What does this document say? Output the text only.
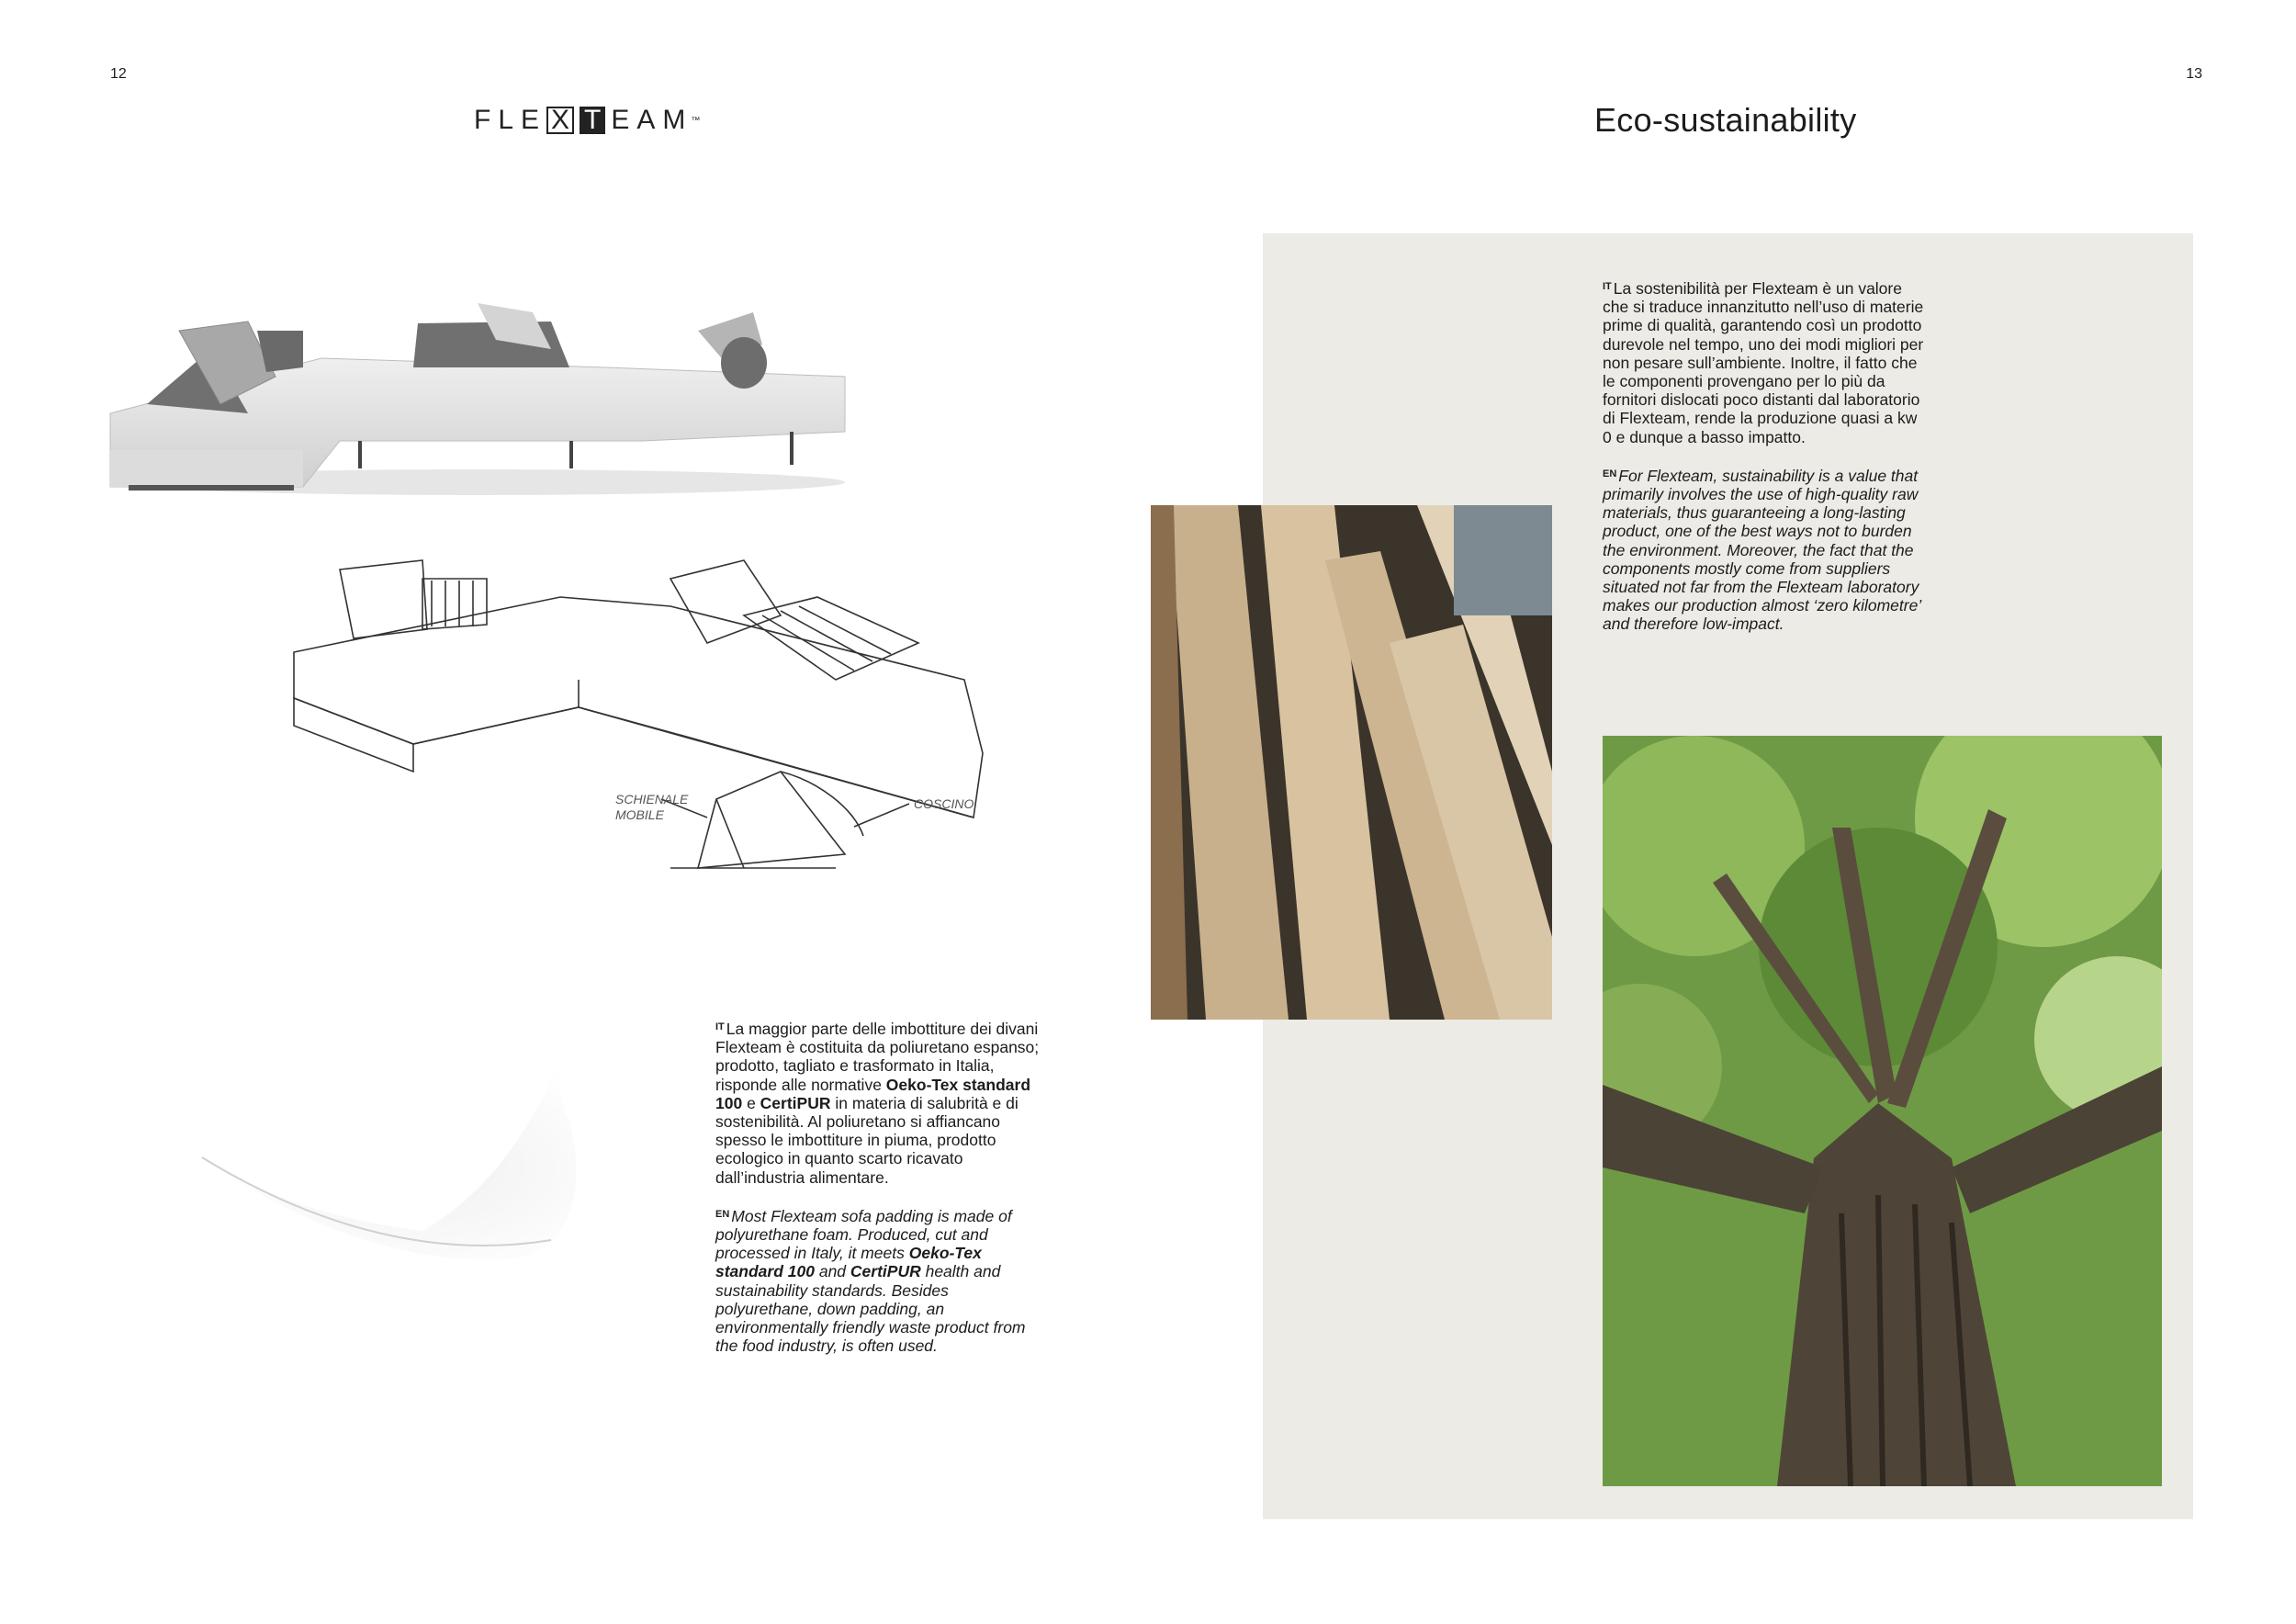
12	13
FLE X T EAM
™	Eco-sustainability
SCHIENALE
MOBILE
COSCINO

$^{IT}$ La sostenibilità per Flexteam è un valore che si traduce innanzitutto nell’uso di materie prime di qualità, garantendo così un prodotto durevole nel tempo, uno dei modi migliori per non pesare sull’ambiente. Inoltre, il fatto che le componenti provengano per lo più da fornitori dislocati poco distanti dal laboratorio di Flexteam, rende la produzione quasi a kw 0 e dunque a basso impatto.

$^{EN}$ For Flexteam, sustainability is a value that primarily involves the use of high-quality raw materials, thus guaranteeing a long-lasting product, one of the best ways not to burden the environment. Moreover, the fact that the components mostly come from suppliers situated not far from the Flexteam laboratory makes our production almost ‘zero kilometre’ and therefore low-impact.

$^{IT}$ La maggior parte delle imbottiture dei divani Flexteam è costituita da poliuretano espanso; prodotto, tagliato e trasformato in Italia, risponde alle normative Oeko-Tex standard 100 e CertiPUR in materia di salubrità e di sostenibilità. Al poliuretano si affiancano spesso le imbottiture in piuma, prodotto ecologico in quanto scarto ricavato dall’industria alimentare.

$^{EN}$ Most Flexteam sofa padding is made of polyurethane foam. Produced, cut and processed in Italy, it meets Oeko-Tex standard 100 and CertiPUR health and sustainability standards. Besides polyurethane, down padding, an environmentally friendly waste product from the food industry, is often used.
